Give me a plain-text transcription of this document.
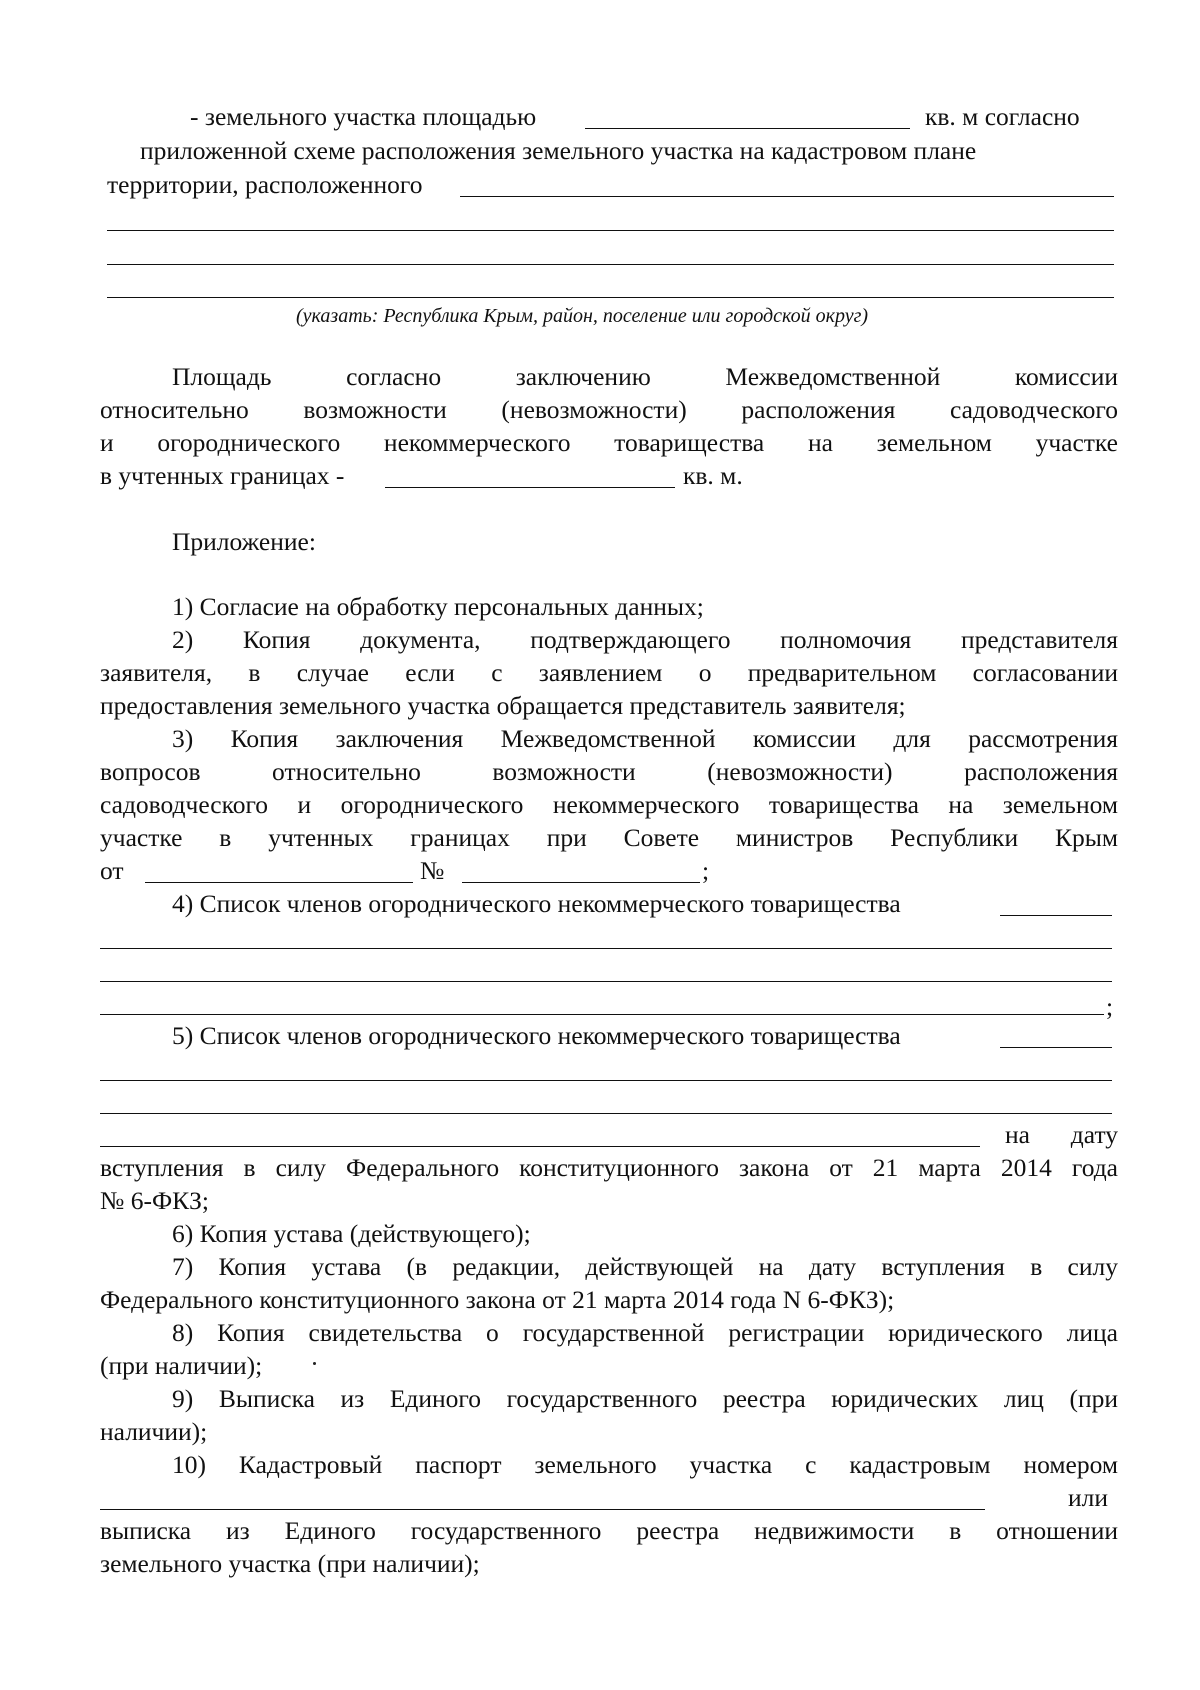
- земельного участка площадью	кв. м согласно
приложенной схеме расположения земельного участка на кадастровом плане
территории, расположенного
(указать: Республика Крым, район, поселение или городской округ)
Площадь согласно заключению Межведомственной комиссии
относительно возможности (невозможности) расположения садоводческого
и огороднического некоммерческого товарищества на земельном участке
в учтенных границах -	кв. м.
Приложение:
1) Согласие на обработку персональных данных;
2) Копия документа, подтверждающего полномочия представителя
заявителя, в случае если с заявлением о предварительном согласовании
предоставления земельного участка обращается представитель заявителя;
3) Копия заключения Межведомственной комиссии для рассмотрения
вопросов относительно возможности (невозможности) расположения
садоводческого и огороднического некоммерческого товарищества на земельном
участке в учтенных границах при Совете министров Республики Крым
от	№	;
4) Список членов огороднического некоммерческого товарищества
;
5) Список членов огороднического некоммерческого товарищества
на дату
вступления в силу Федерального конституционного закона от 21 марта 2014 года
№ 6-ФКЗ;
6) Копия устава (действующего);
7) Копия устава (в редакции, действующей на дату вступления в силу
Федерального конституционного закона от 21 марта 2014 года N 6-ФКЗ);
8) Копия свидетельства о государственной регистрации юридического лица
(при наличии);
9) Выписка из Единого государственного реестра юридических лиц (при
наличии);
10) Кадастровый паспорт земельного участка с кадастровым номером
или
выписка из Единого государственного реестра недвижимости в отношении
земельного участка (при наличии);
